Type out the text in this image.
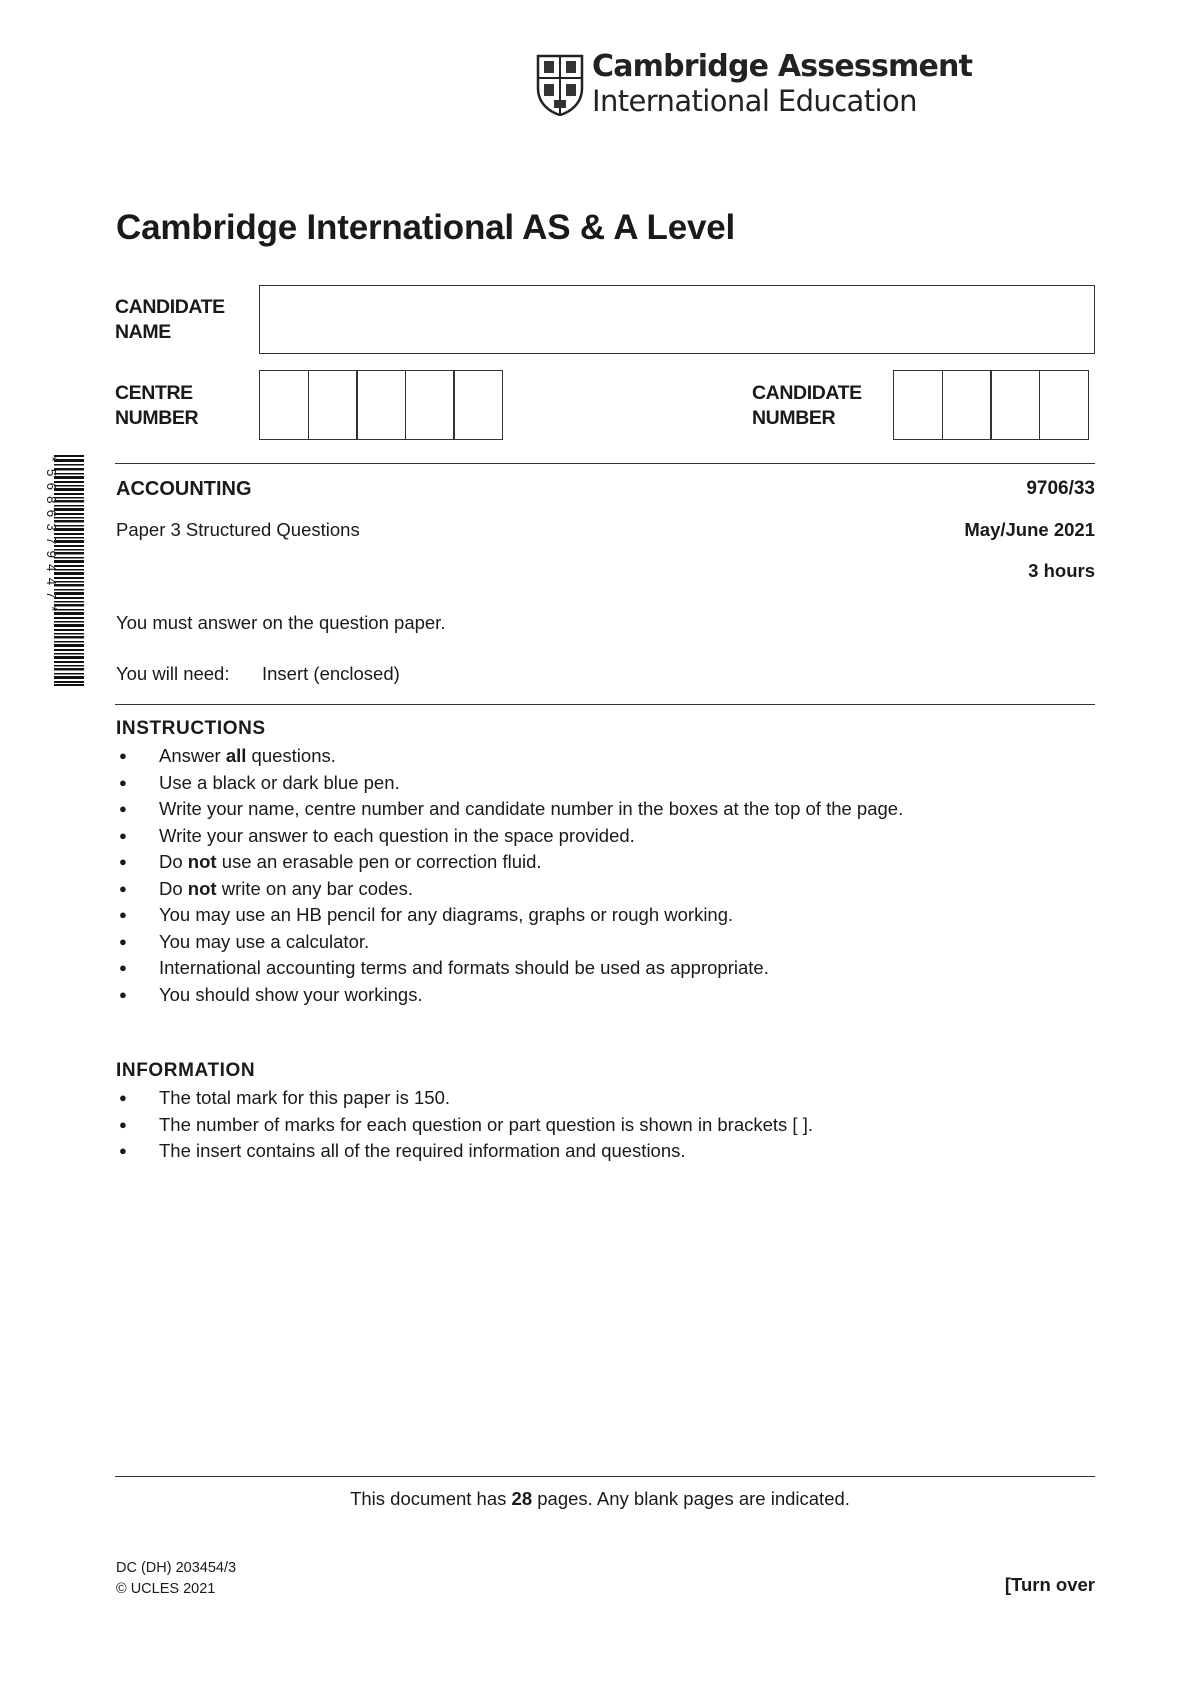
Cambridge Assessment
International Education
Cambridge International AS & A Level
CANDIDATE
NAME
CENTRE
NUMBER
CANDIDATE
NUMBER
*5686379447*	ACCOUNTING	9706/33
Paper 3 Structured Questions	May/June 2021
3 hours
You must answer on the question paper.
You will need: Insert (enclosed)
INSTRUCTIONS
● Answer all questions.
● Use a black or dark blue pen.
● Write your name, centre number and candidate number in the boxes at the top of the page.
● Write your answer to each question in the space provided.
● Do not use an erasable pen or correction fluid.
● Do not write on any bar codes.
● You may use an HB pencil for any diagrams, graphs or rough working.
● You may use a calculator.
● International accounting terms and formats should be used as appropriate.
● You should show your workings.
INFORMATION
● The total mark for this paper is 150.
● The number of marks for each question or part question is shown in brackets [ ].
● The insert contains all of the required information and questions.
This document has 28 pages. Any blank pages are indicated.
DC (DH) 203454/3
© UCLES 2021	[Turn over
